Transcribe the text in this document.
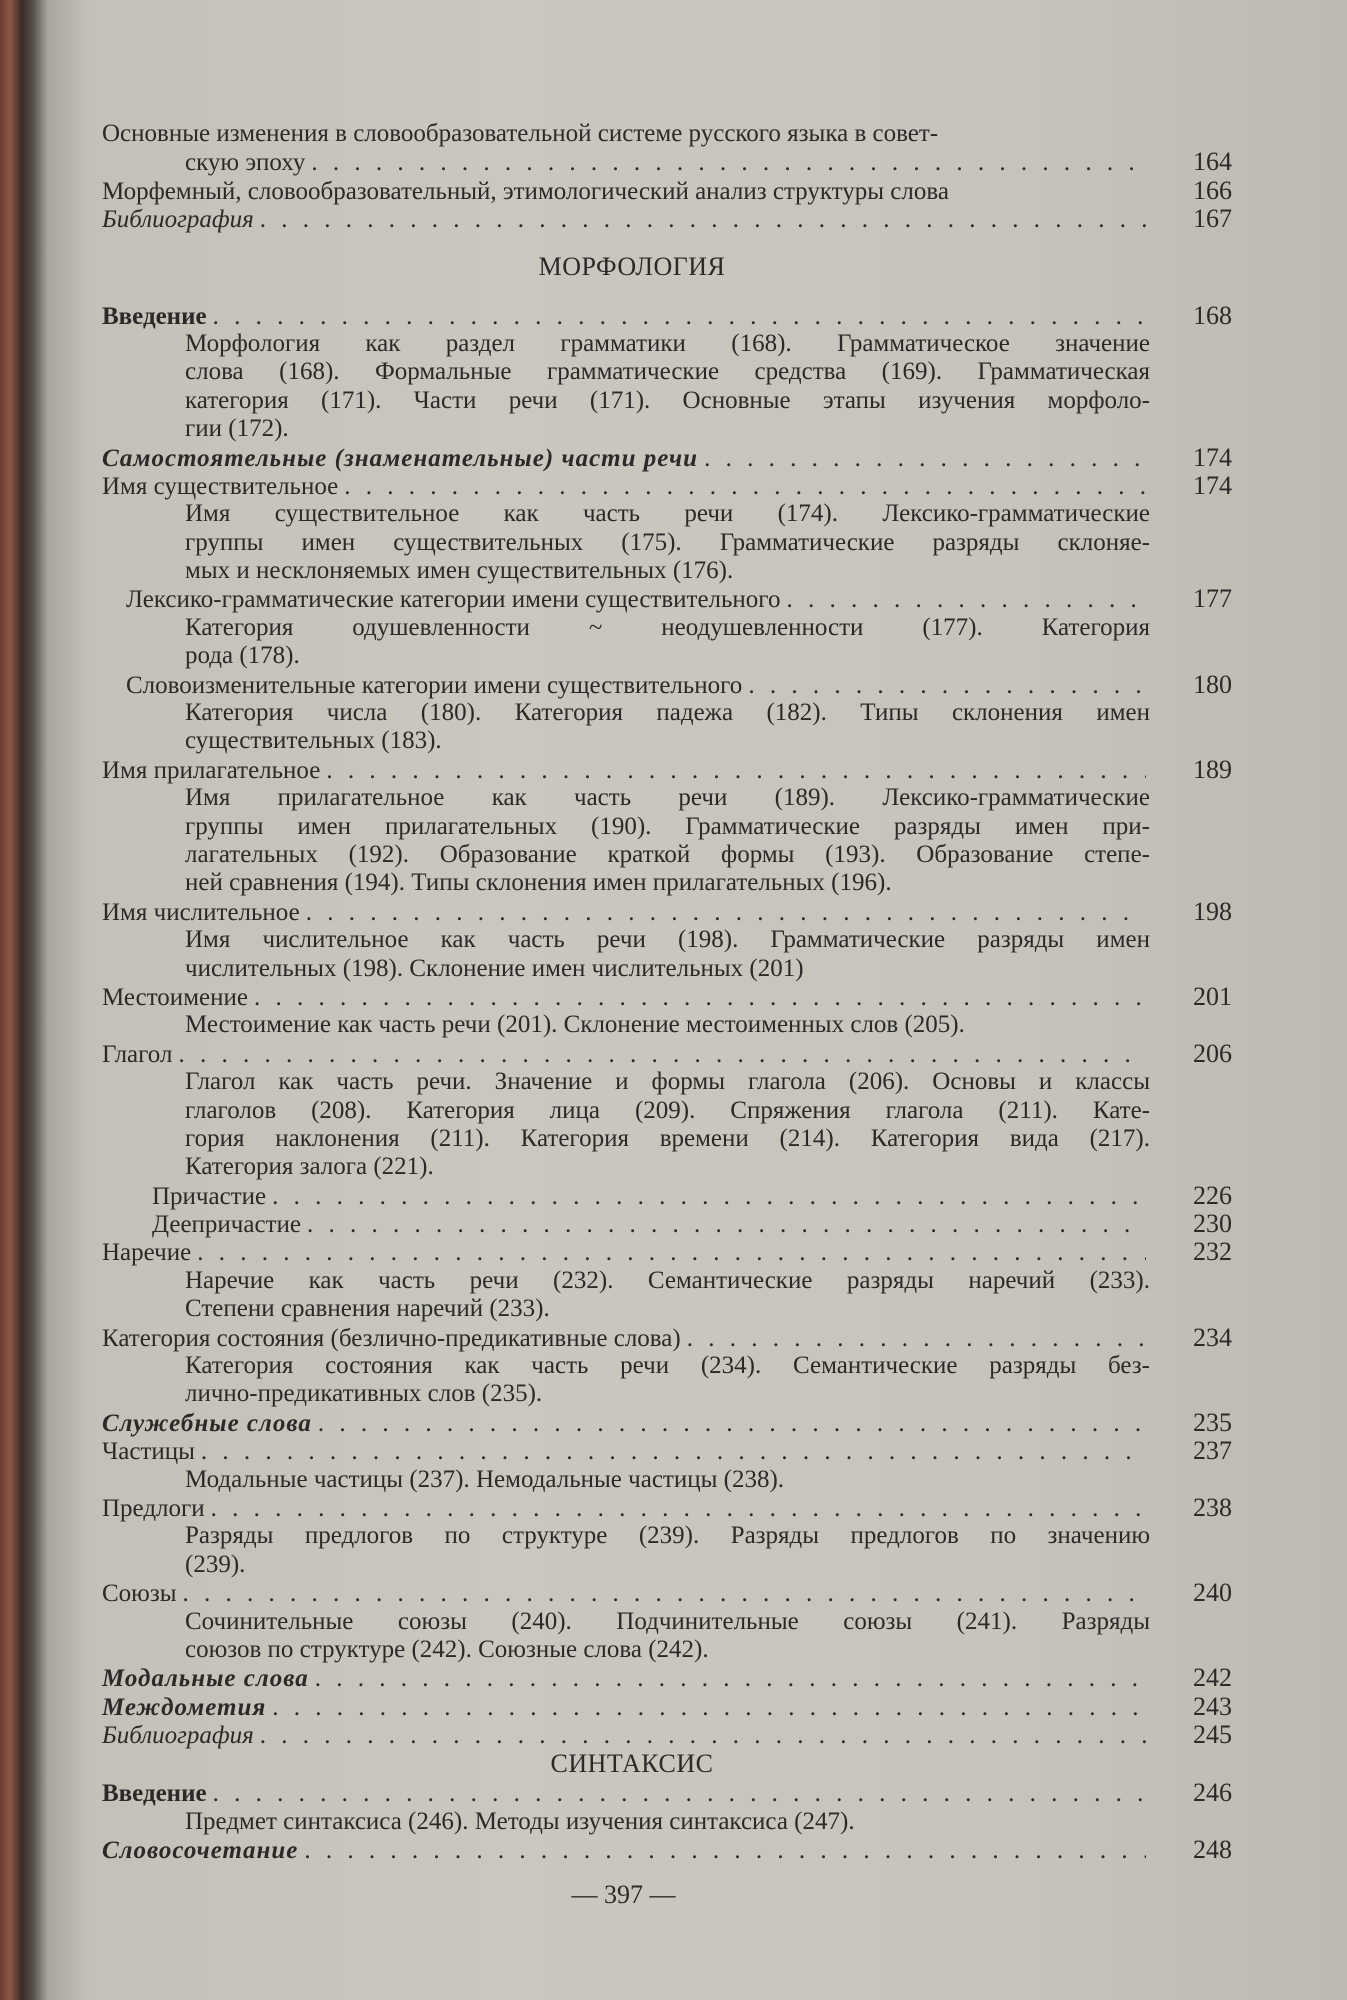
Основные изменения в словообразовательной системе русского языка в совет-
скую эпоху . . .	164
Морфемный, словообразовательный, этимологический анализ структуры слова	166
Библиография . . .	167
МОРФОЛОГИЯ
Введение . . .	168
Морфология как раздел грамматики (168). Грамматическое значение
слова (168). Формальные грамматические средства (169). Грамматическая
категория (171). Части речи (171). Основные этапы изучения морфоло-
гии (172).
Самостоятельные (знаменательные) части речи . . .	174
Имя существительное . . .	174
Имя существительное как часть речи (174). Лексико-грамматические
группы имен существительных (175). Грамматические разряды склоняе-
мых и несклоняемых имен существительных (176).
Лексико-грамматические категории имени существительного . . .	177
Категория одушевленности ~ неодушевленности (177). Категория
рода (178).
Словоизменительные категории имени существительного . . .	180
Категория числа (180). Категория падежа (182). Типы склонения имен
существительных (183).
Имя прилагательное . . .	189
Имя прилагательное как часть речи (189). Лексико-грамматические
группы имен прилагательных (190). Грамматические разряды имен при-
лагательных (192). Образование краткой формы (193). Образование степе-
ней сравнения (194). Типы склонения имен прилагательных (196).
Имя числительное . . .	198
Имя числительное как часть речи (198). Грамматические разряды имен
числительных (198). Склонение имен числительных (201)
Местоимение . . .	201
Местоимение как часть речи (201). Склонение местоименных слов (205).
Глагол . . .	206
Глагол как часть речи. Значение и формы глагола (206). Основы и классы
глаголов (208). Категория лица (209). Спряжения глагола (211). Кате-
гория наклонения (211). Категория времени (214). Категория вида (217).
Категория залога (221).
Причастие . . .	226
Деепричастие . . .	230
Наречие . . .	232
Наречие как часть речи (232). Семантические разряды наречий (233).
Степени сравнения наречий (233).
Категория состояния (безлично-предикативные слова) . . .	234
Категория состояния как часть речи (234). Семантические разряды без-
лично-предикативных слов (235).
Служебные слова . . .	235
Частицы . . .	237
Модальные частицы (237). Немодальные частицы (238).
Предлоги . . .	238
Разряды предлогов по структуре (239). Разряды предлогов по значению
(239).
Союзы . . .	240
Сочинительные союзы (240). Подчинительные союзы (241). Разряды
союзов по структуре (242). Союзные слова (242).
Модальные слова . . .	242
Междометия . . .	243
Библиография . . .	245
СИНТАКСИС
Введение . . .	246
Предмет синтаксиса (246). Методы изучения синтаксиса (247).
Словосочетание . . .	248
— 397 —
